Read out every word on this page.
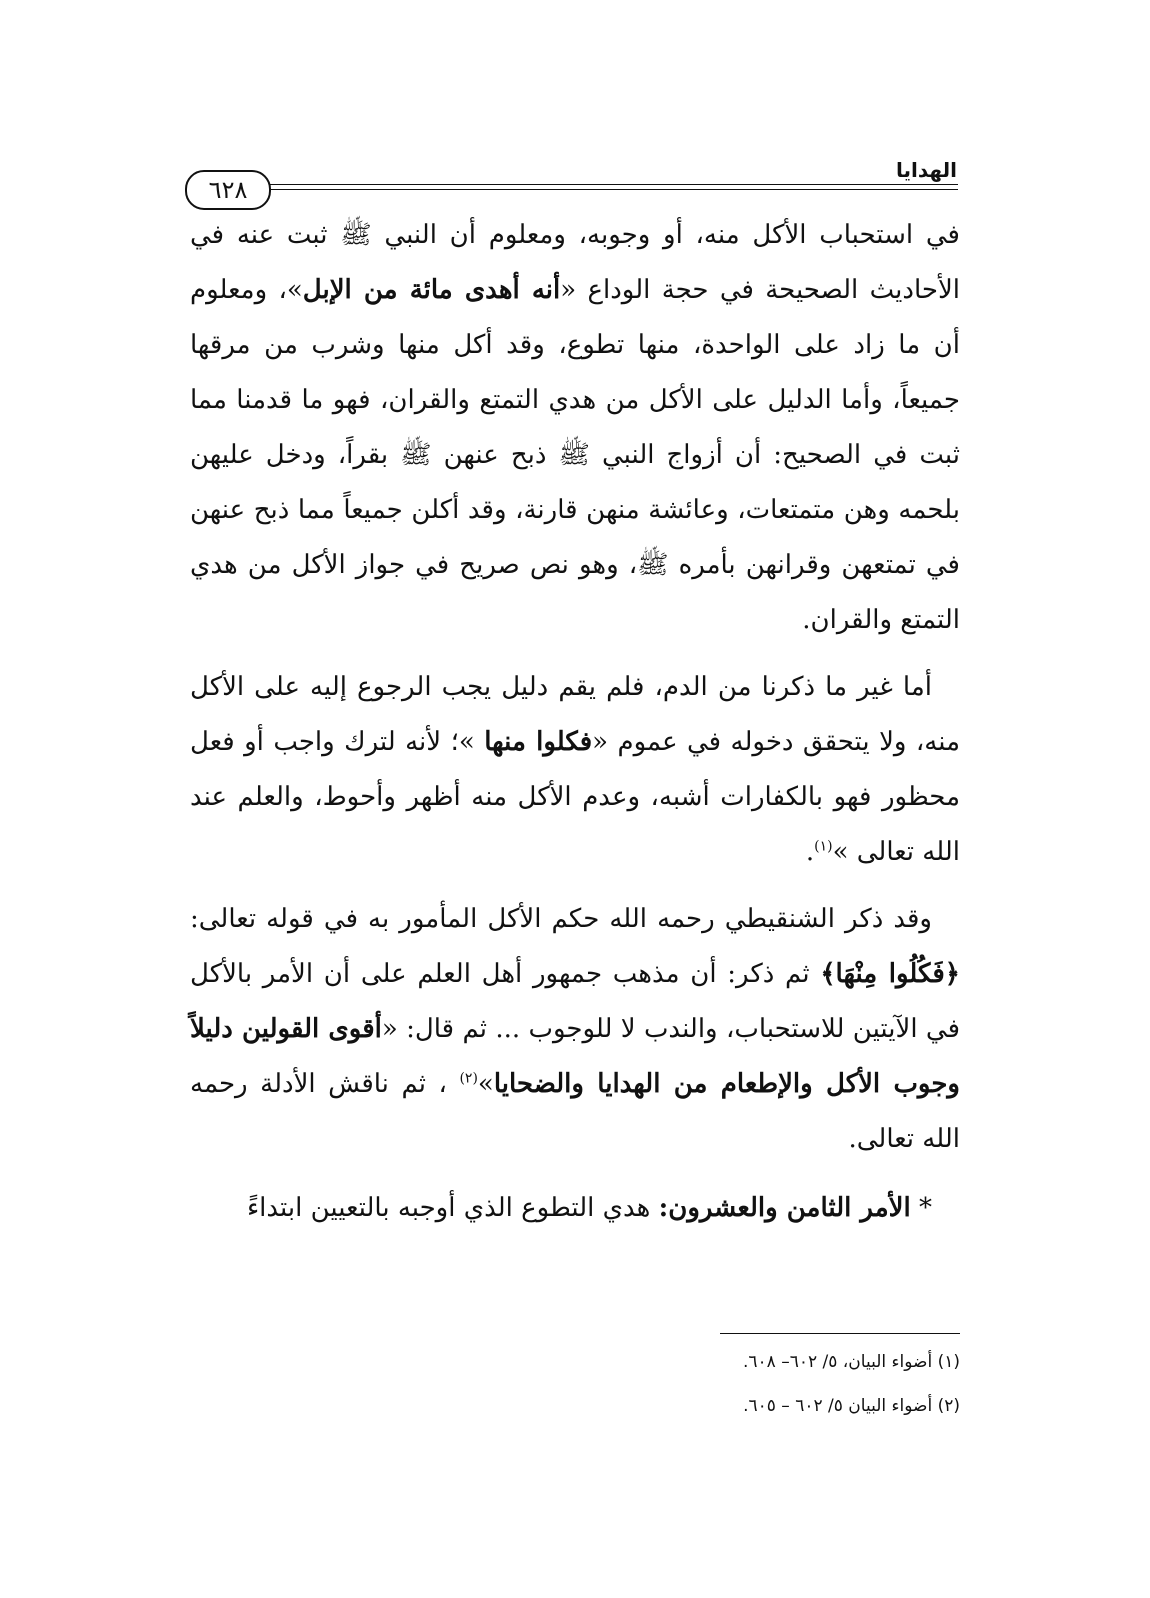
الهدايا

٦٢٨

في استحباب الأكل منه، أو وجوبه، ومعلوم أن النبي ﷺ ثبت عنه في الأحاديث الصحيحة في حجة الوداع «أنه أهدى مائة من الإبل»، ومعلوم أن ما زاد على الواحدة، منها تطوع، وقد أكل منها وشرب من مرقها جميعاً، وأما الدليل على الأكل من هدي التمتع والقران، فهو ما قدمنا مما ثبت في الصحيح: أن أزواج النبي ﷺ ذبح عنهن ﷺ بقراً، ودخل عليهن بلحمه وهن متمتعات، وعائشة منهن قارنة، وقد أكلن جميعاً مما ذبح عنهن في تمتعهن وقرانهن بأمره ﷺ، وهو نص صريح في جواز الأكل من هدي التمتع والقران.

أما غير ما ذكرنا من الدم، فلم يقم دليل يجب الرجوع إليه على الأكل منه، ولا يتحقق دخوله في عموم «فكلوا منها »؛ لأنه لترك واجب أو فعل محظور فهو بالكفارات أشبه، وعدم الأكل منه أظهر وأحوط، والعلم عند الله تعالى »$^{(١)}$.

وقد ذكر الشنقيطي رحمه الله حكم الأكل المأمور به في قوله تعالى: ﴿فَكُلُوا مِنْهَا﴾ ثم ذكر: أن مذهب جمهور أهل العلم على أن الأمر بالأكل في الآيتين للاستحباب، والندب لا للوجوب ... ثم قال: «أقوى القولين دليلاً وجوب الأكل والإطعام من الهدايا والضحايا»$^{(٢)}$ ، ثم ناقش الأدلة رحمه الله تعالى.

* الأمر الثامن والعشرون: هدي التطوع الذي أوجبه بالتعيين ابتداءً

(١) أضواء البيان، ٥/ ٦٠٢– ٦٠٨.

(٢) أضواء البيان ٥/ ٦٠٢ – ٦٠٥.
